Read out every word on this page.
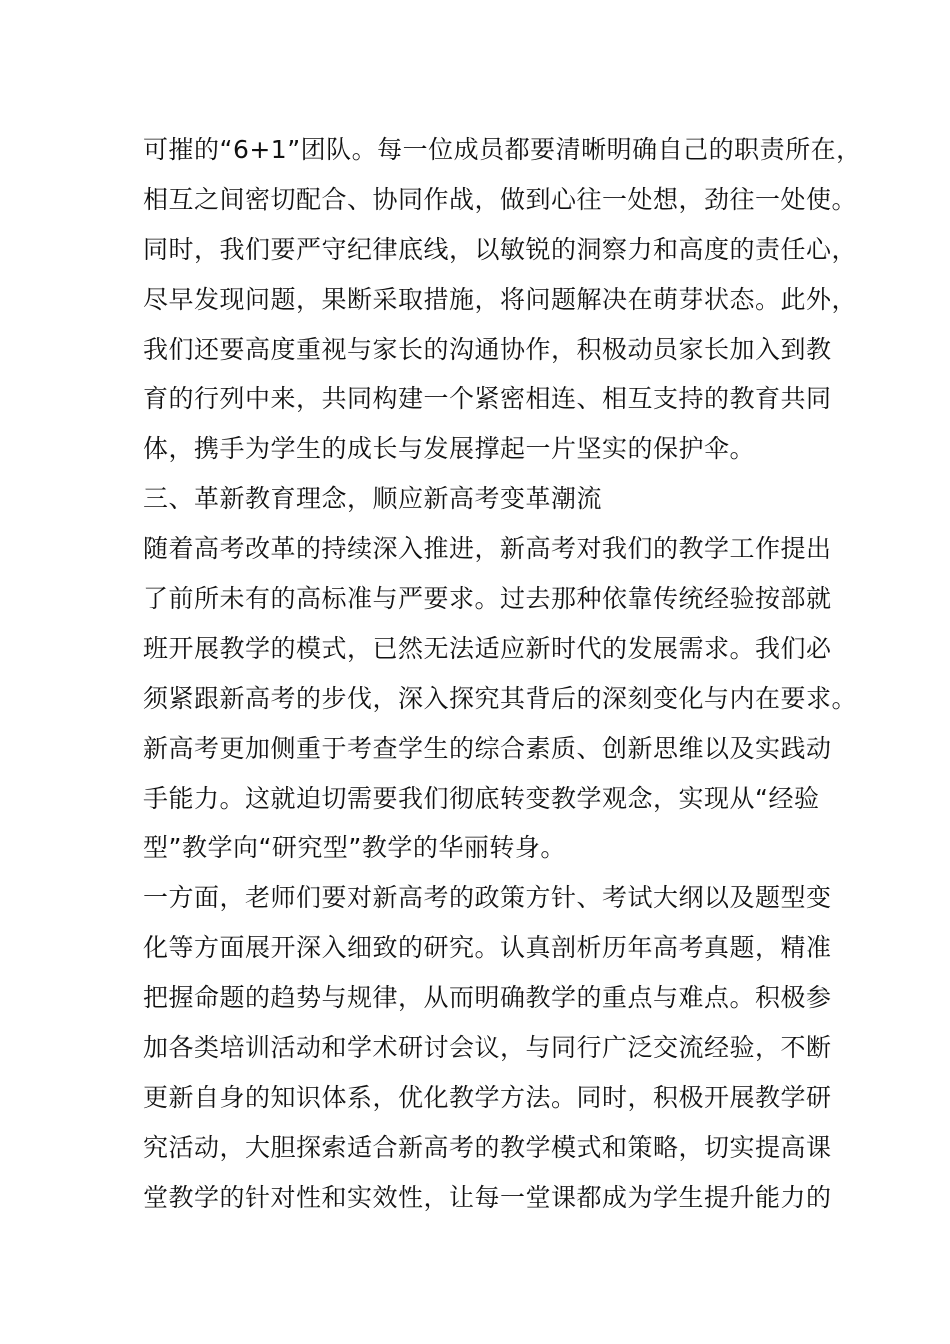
可摧的“6+1”团队。每一位成员都要清晰明确自己的职责所在，
相互之间密切配合、协同作战，做到心往一处想，劲往一处使。
同时，我们要严守纪律底线，以敏锐的洞察力和高度的责任心，
尽早发现问题，果断采取措施，将问题解决在萌芽状态。此外，
我们还要高度重视与家长的沟通协作，积极动员家长加入到教
育的行列中来，共同构建一个紧密相连、相互支持的教育共同
体，携手为学生的成长与发展撑起一片坚实的保护伞。
三、革新教育理念，顺应新高考变革潮流
随着高考改革的持续深入推进，新高考对我们的教学工作提出
了前所未有的高标准与严要求。过去那种依靠传统经验按部就
班开展教学的模式，已然无法适应新时代的发展需求。我们必
须紧跟新高考的步伐，深入探究其背后的深刻变化与内在要求。
新高考更加侧重于考查学生的综合素质、创新思维以及实践动
手能力。这就迫切需要我们彻底转变教学观念，实现从“经验
型”教学向“研究型”教学的华丽转身。
一方面，老师们要对新高考的政策方针、考试大纲以及题型变
化等方面展开深入细致的研究。认真剖析历年高考真题，精准
把握命题的趋势与规律，从而明确教学的重点与难点。积极参
加各类培训活动和学术研讨会议，与同行广泛交流经验，不断
更新自身的知识体系，优化教学方法。同时，积极开展教学研
究活动，大胆探索适合新高考的教学模式和策略，切实提高课
堂教学的针对性和实效性，让每一堂课都成为学生提升能力的
